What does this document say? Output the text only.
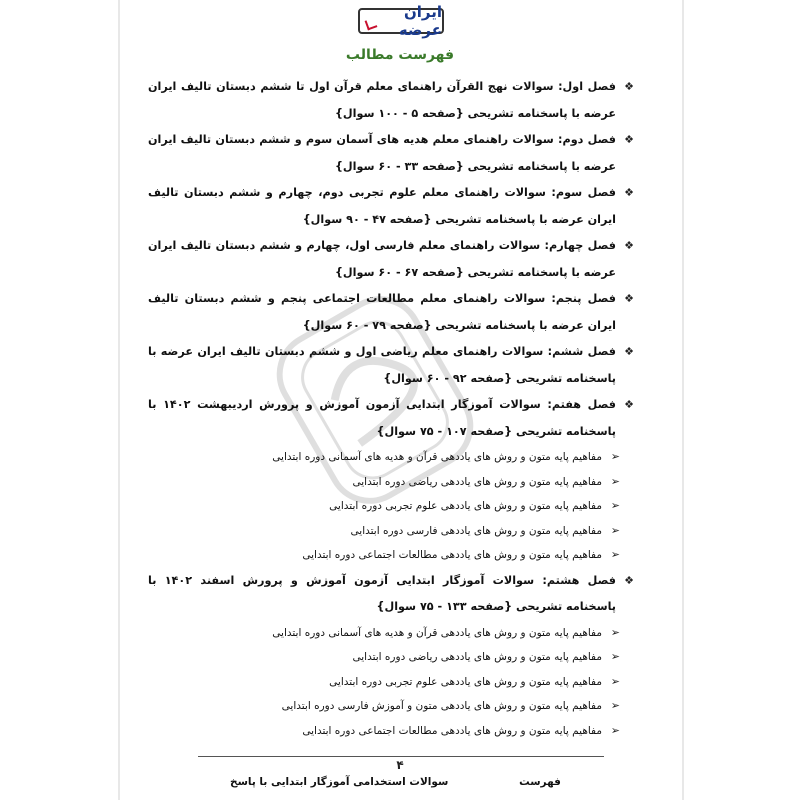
ایران عرضه
فهرست مطالب
❖
فصل اول: سوالات نهج القرآن راهنمای معلم قرآن اول تا ششم دبستان تالیف ایران عرضه با پاسخنامه تشریحی {صفحه ۵ - ۱۰۰ سوال}
❖
فصل دوم: سوالات راهنمای معلم هدیه های آسمان سوم و ششم دبستان تالیف ایران عرضه با پاسخنامه تشریحی {صفحه ۳۳ - ۶۰ سوال}
❖
فصل سوم: سوالات راهنمای معلم علوم تجربی دوم، چهارم و ششم دبستان تالیف ایران عرضه با پاسخنامه تشریحی {صفحه ۴۷ - ۹۰ سوال}
❖
فصل چهارم: سوالات راهنمای معلم فارسی اول، چهارم و ششم دبستان تالیف ایران عرضه با پاسخنامه تشریحی {صفحه ۶۷ - ۶۰ سوال}
❖
فصل پنجم: سوالات راهنمای معلم مطالعات اجتماعی پنجم و ششم دبستان تالیف ایران عرضه با پاسخنامه تشریحی {صفحه ۷۹ - ۶۰ سوال}
❖
فصل ششم: سوالات راهنمای معلم ریاضی اول و ششم دبستان تالیف ایران عرضه با پاسخنامه تشریحی {صفحه ۹۲ - ۶۰ سوال}
❖
فصل هفتم: سوالات آموزگار ابتدایی آزمون آموزش و پرورش اردیبهشت ۱۴۰۲ با پاسخنامه تشریحی {صفحه ۱۰۷ - ۷۵ سوال}
➢
مفاهیم پایه متون و روش های یاددهی قرآن و هدیه های آسمانی دوره ابتدایی
➢
مفاهیم پایه متون و روش های یاددهی ریاضی دوره ابتدایی
➢
مفاهیم پایه متون و روش های یاددهی علوم تجربی دوره ابتدایی
➢
مفاهیم پایه متون و روش های یاددهی فارسی دوره ابتدایی
➢
مفاهیم پایه متون و روش های یاددهی مطالعات اجتماعی دوره ابتدایی
❖
فصل هشتم: سوالات آموزگار ابتدایی آزمون آموزش و پرورش اسفند ۱۴۰۲ با پاسخنامه تشریحی {صفحه ۱۳۳ - ۷۵ سوال}
➢
مفاهیم پایه متون و روش های یاددهی قرآن و هدیه های آسمانی دوره ابتدایی
➢
مفاهیم پایه متون و روش های یاددهی ریاضی دوره ابتدایی
➢
مفاهیم پایه متون و روش های یاددهی علوم تجربی دوره ابتدایی
➢
مفاهیم پایه متون و روش های یاددهی متون و آموزش فارسی دوره ابتدایی
➢
مفاهیم پایه متون و روش های یاددهی مطالعات اجتماعی دوره ابتدایی
۴
فهرست
سوالات استخدامی آموزگار ابتدایی با پاسخ
